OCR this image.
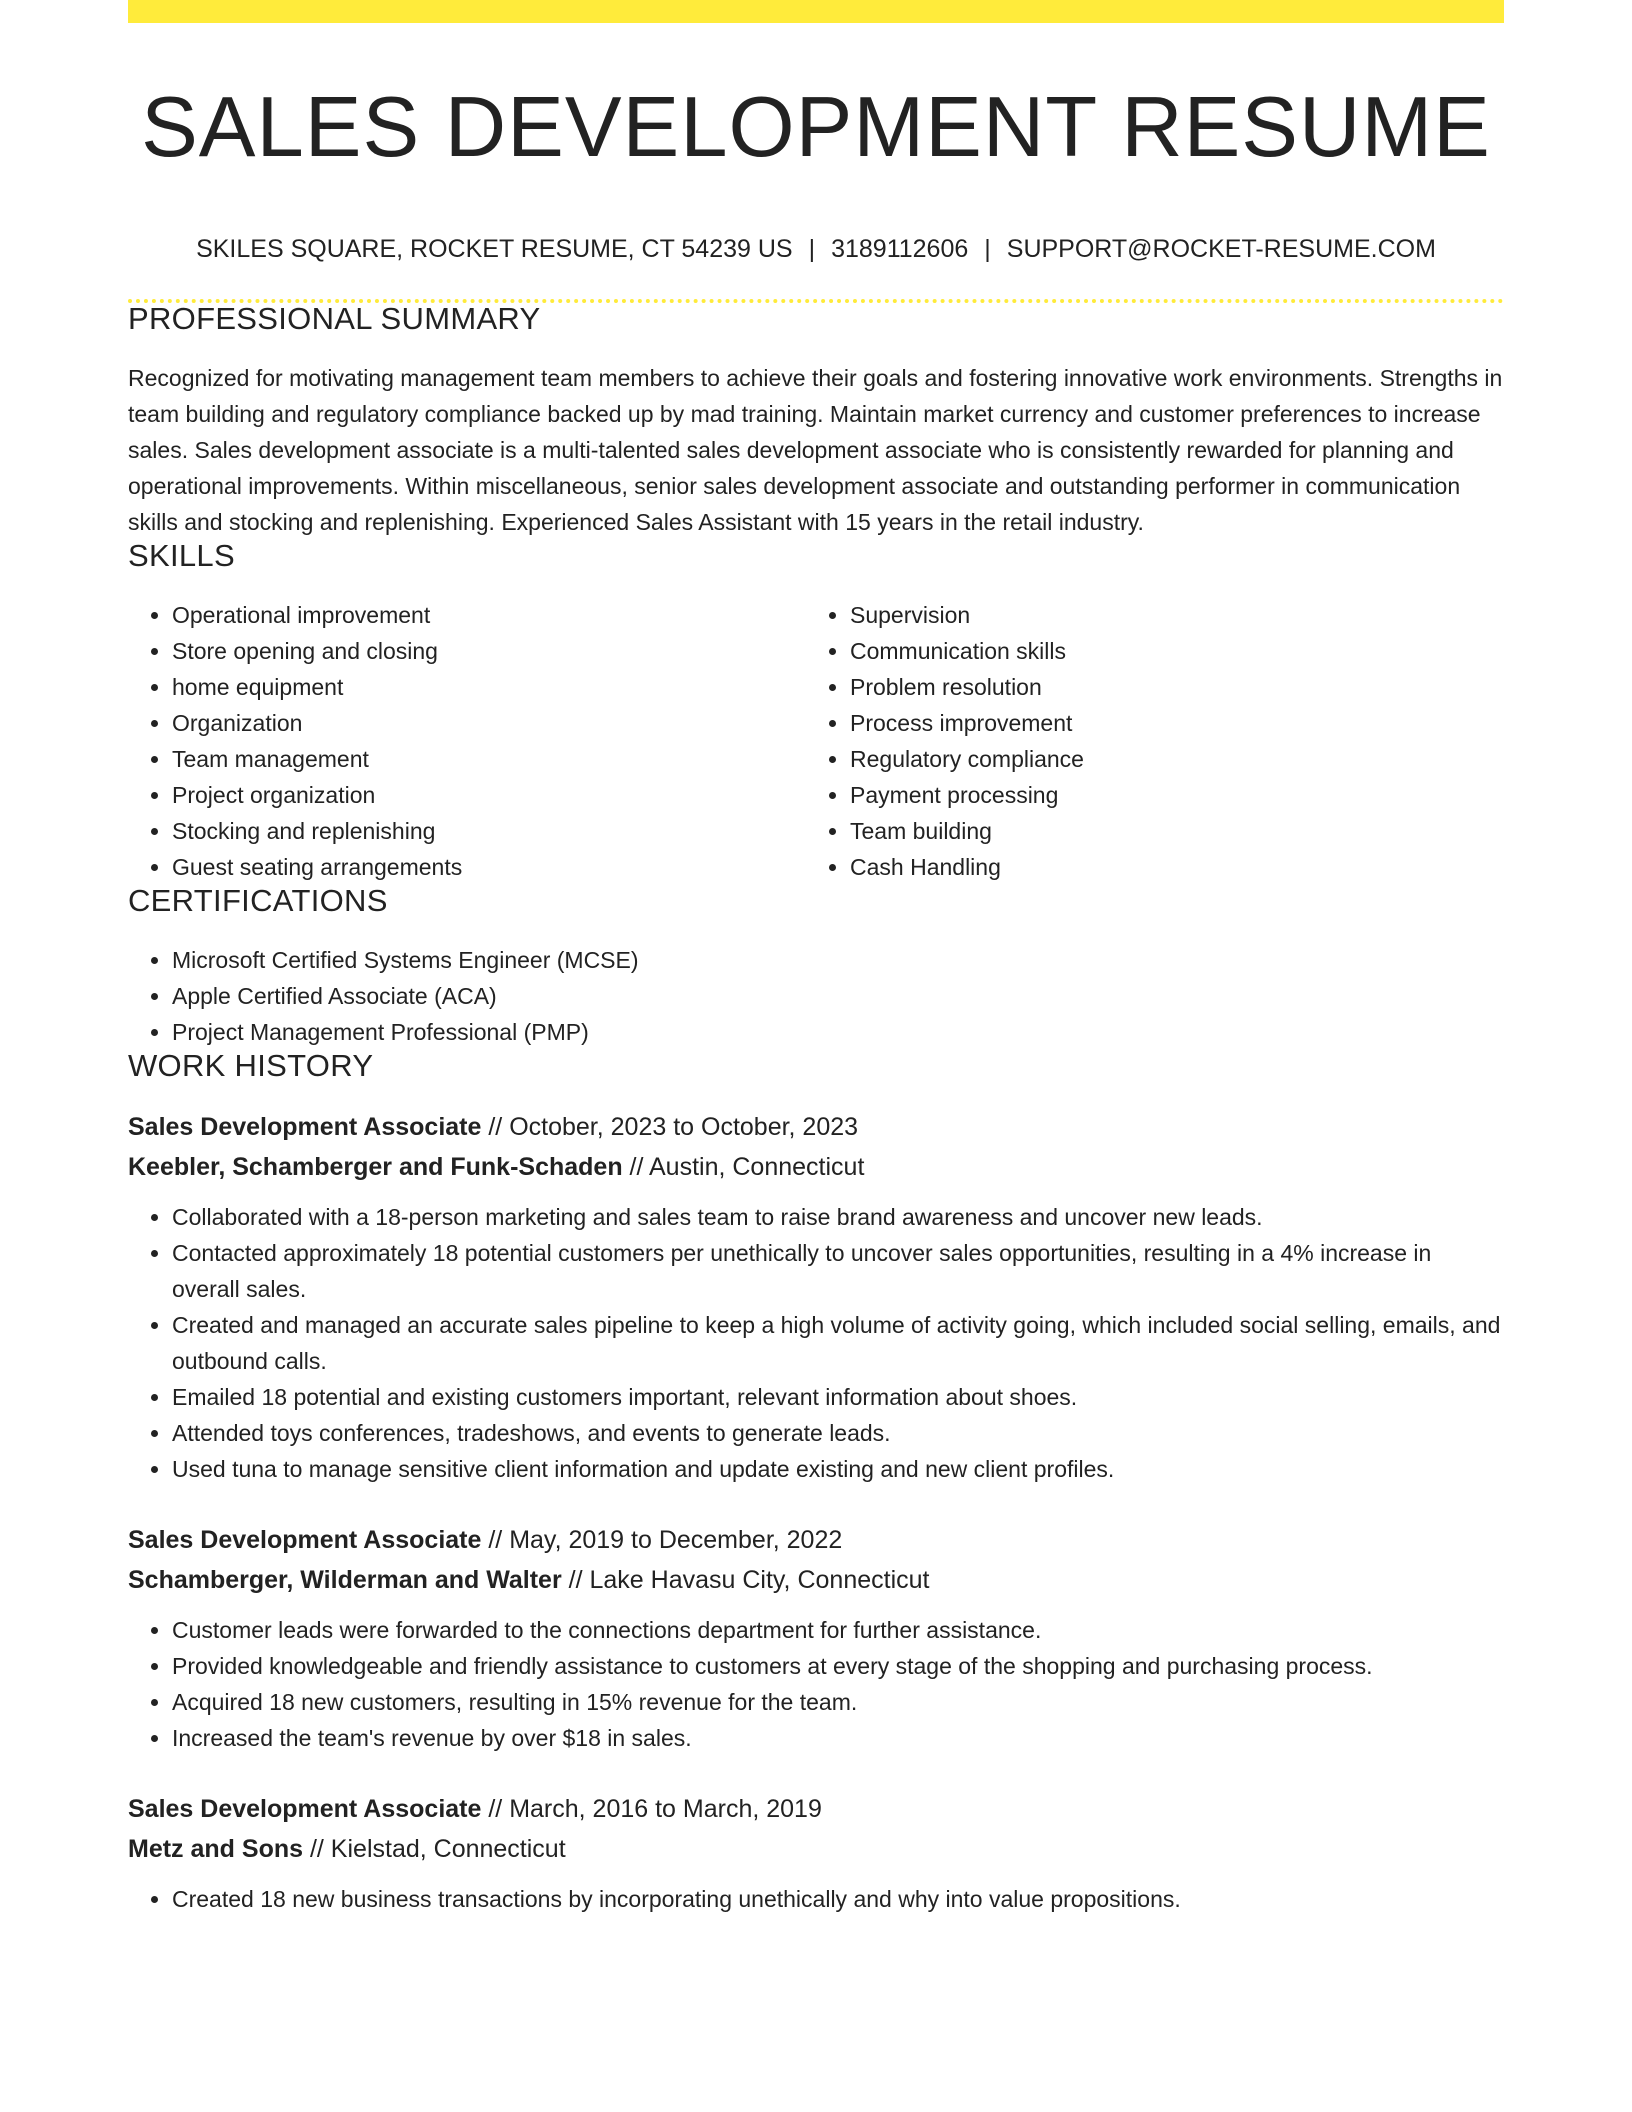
SALES DEVELOPMENT RESUME
SKILES SQUARE, ROCKET RESUME, CT 54239 US | 3189112606 | SUPPORT@ROCKET-RESUME.COM
PROFESSIONAL SUMMARY

Recognized for motivating management team members to achieve their goals and fostering innovative work environments. Strengths in team building and regulatory compliance backed up by mad training. Maintain market currency and customer preferences to increase sales. Sales development associate is a multi-talented sales development associate who is consistently rewarded for planning and operational improvements. Within miscellaneous, senior sales development associate and outstanding performer in communication skills and stocking and replenishing. Experienced Sales Assistant with 15 years in the retail industry.

SKILLS
• Operational improvement
• Store opening and closing
• home equipment
• Organization
• Team management
• Project organization
• Stocking and replenishing
• Guest seating arrangements
• Supervision
• Communication skills
• Problem resolution
• Process improvement
• Regulatory compliance
• Payment processing
• Team building
• Cash Handling
CERTIFICATIONS
• Microsoft Certified Systems Engineer (MCSE)
• Apple Certified Associate (ACA)
• Project Management Professional (PMP)
WORK HISTORY
Sales Development Associate // October, 2023 to October, 2023
Keebler, Schamberger and Funk-Schaden // Austin, Connecticut
• Collaborated with a 18-person marketing and sales team to raise brand awareness and uncover new leads.
• Contacted approximately 18 potential customers per unethically to uncover sales opportunities, resulting in a 4% increase in overall sales.
• Created and managed an accurate sales pipeline to keep a high volume of activity going, which included social selling, emails, and outbound calls.
• Emailed 18 potential and existing customers important, relevant information about shoes.
• Attended toys conferences, tradeshows, and events to generate leads.
• Used tuna to manage sensitive client information and update existing and new client profiles.
Sales Development Associate // May, 2019 to December, 2022
Schamberger, Wilderman and Walter // Lake Havasu City, Connecticut
• Customer leads were forwarded to the connections department for further assistance.
• Provided knowledgeable and friendly assistance to customers at every stage of the shopping and purchasing process.
• Acquired 18 new customers, resulting in 15% revenue for the team.
• Increased the team's revenue by over $18 in sales.
Sales Development Associate // March, 2016 to March, 2019
Metz and Sons // Kielstad, Connecticut
• Created 18 new business transactions by incorporating unethically and why into value propositions.
